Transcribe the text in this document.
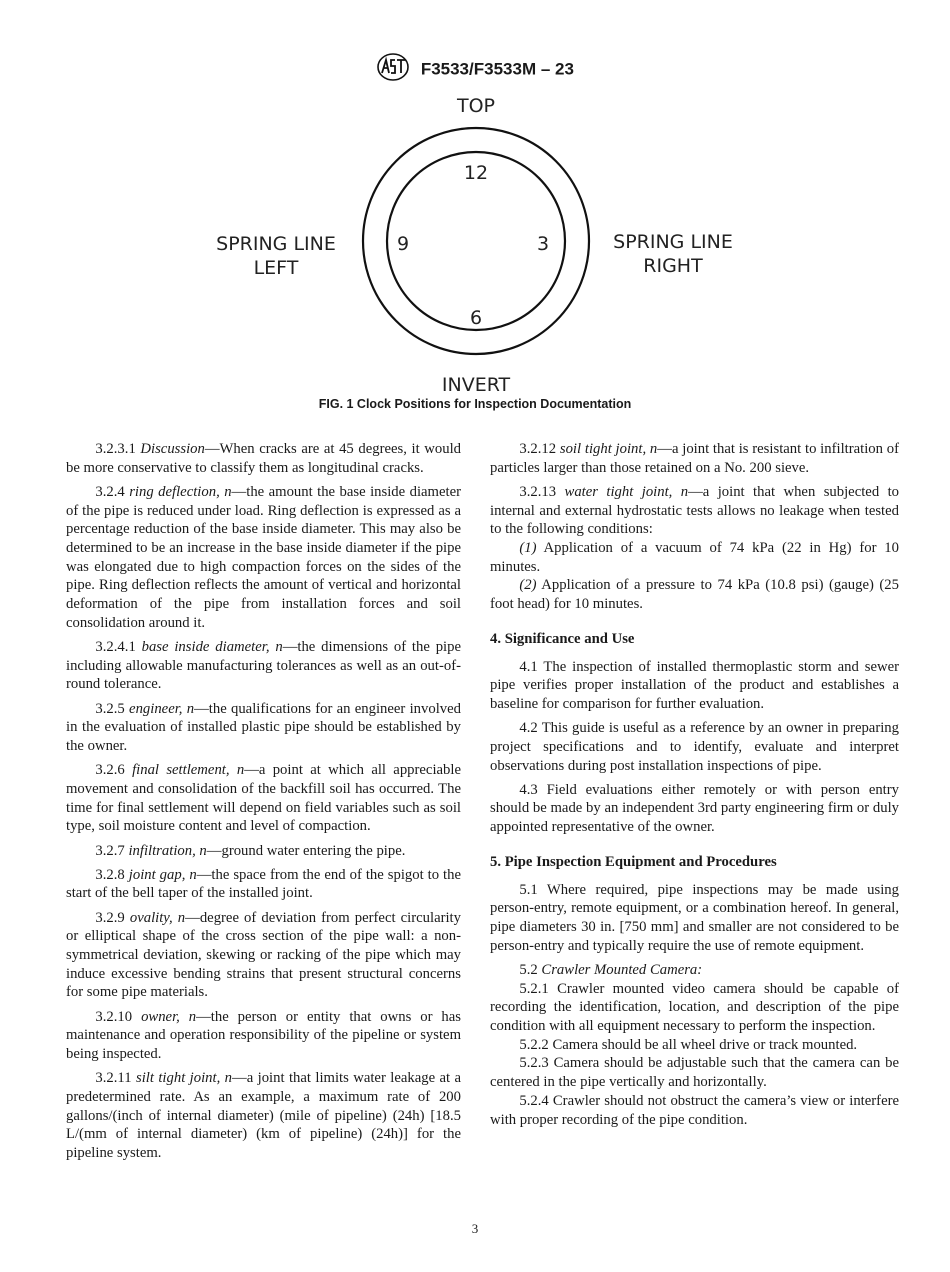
F3533/F3533M – 23
TOP
INVERT
SPRING LINE
LEFT
SPRING LINE
RIGHT
12
3
6
9
FIG. 1 Clock Positions for Inspection Documentation

3.2.3.1 Discussion—When cracks are at 45 degrees, it would be more conservative to classify them as longitudinal cracks.

3.2.4 ring deflection, n—the amount the base inside diameter of the pipe is reduced under load. Ring deflection is expressed as a percentage reduction of the base inside diameter. This may also be determined to be an increase in the base inside diameter if the pipe was elongated due to high compaction forces on the sides of the pipe. Ring deflection reflects the amount of vertical and horizontal deformation of the pipe from installation forces and soil consolidation around it.

3.2.4.1 base inside diameter, n—the dimensions of the pipe including allowable manufacturing tolerances as well as an out-of-round tolerance.

3.2.5 engineer, n—the qualifications for an engineer involved in the evaluation of installed plastic pipe should be established by the owner.

3.2.6 final settlement, n—a point at which all appreciable movement and consolidation of the backfill soil has occurred. The time for final settlement will depend on field variables such as soil type, soil moisture content and level of compaction.

3.2.7 infiltration, n—ground water entering the pipe.

3.2.8 joint gap, n—the space from the end of the spigot to the start of the bell taper of the installed joint.

3.2.9 ovality, n—degree of deviation from perfect circularity or elliptical shape of the cross section of the pipe wall: a non-symmetrical deviation, skewing or racking of the pipe which may induce excessive bending strains that present structural concerns for some pipe materials.

3.2.10 owner, n—the person or entity that owns or has maintenance and operation responsibility of the pipeline or system being inspected.

3.2.11 silt tight joint, n—a joint that limits water leakage at a predetermined rate. As an example, a maximum rate of 200 gallons/(inch of internal diameter) (mile of pipeline) (24h) [18.5 L/(mm of internal diameter) (km of pipeline) (24h)] for the pipeline system.

3.2.12 soil tight joint, n—a joint that is resistant to infiltration of particles larger than those retained on a No. 200 sieve.

3.2.13 water tight joint, n—a joint that when subjected to internal and external hydrostatic tests allows no leakage when tested to the following conditions:

(1) Application of a vacuum of 74 kPa (22 in Hg) for 10 minutes.

(2) Application of a pressure to 74 kPa (10.8 psi) (gauge) (25 foot head) for 10 minutes.

4. Significance and Use

4.1 The inspection of installed thermoplastic storm and sewer pipe verifies proper installation of the product and establishes a baseline for comparison for further evaluation.

4.2 This guide is useful as a reference by an owner in preparing project specifications and to identify, evaluate and interpret observations during post installation inspections of pipe.

4.3 Field evaluations either remotely or with person entry should be made by an independent 3rd party engineering firm or duly appointed representative of the owner.

5. Pipe Inspection Equipment and Procedures

5.1 Where required, pipe inspections may be made using person-entry, remote equipment, or a combination hereof. In general, pipe diameters 30 in. [750 mm] and smaller are not considered to be person-entry and typically require the use of remote equipment.

5.2 Crawler Mounted Camera:

5.2.1 Crawler mounted video camera should be capable of recording the identification, location, and description of the pipe condition with all equipment necessary to perform the inspection.

5.2.2 Camera should be all wheel drive or track mounted.

5.2.3 Camera should be adjustable such that the camera can be centered in the pipe vertically and horizontally.

5.2.4 Crawler should not obstruct the camera’s view or interfere with proper recording of the pipe condition.

3
